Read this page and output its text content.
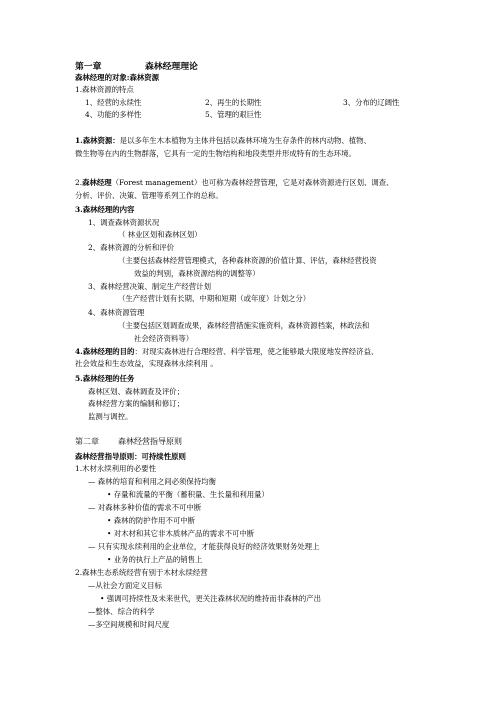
第一章	森林经理理论
森林经理的对象:森林资源
1.森林资源的特点
1、经营的永续性	2、再生的长期性	3、分布的辽阔性
4、功能的多样性	5、管理的艰巨性
1.森林资源：是以多年生木本植物为主体并包括以森林环境为生存条件的林内动物、植物、
微生物等在内的生物群落，它具有一定的生物结构和地段类型并形成特有的生态环境。
2.森林经理（Forest management）也可称为森林经营管理，它是对森林资源进行区划、调查、
分析、评价、决策、管理等系列工作的总称。
3.森林经理的内容
1、调查森林资源状况
（ 林业区划和森林区划）
2、森林资源的分析和评价
（主要包括森林经营管理模式，各种森林资源的价值计算、评估，森林经营投资
效益的判别，森林资源结构的调整等）
3、森林经营决策、制定生产经营计划
（生产经营计划有长期、中期和短期（或年度）计划之分）
4、森林资源管理
（主要包括区划调查成果，森林经营措施实施资料，森林资源档案，林政法和
社会经济资料等）
4.森林经理的目的：对现实森林进行合理经营、科学管理，使之能够最大限度地发挥经济益、
社会效益和生态效益，实现森林永续利用 。
5.森林经理的任务
森林区划、森林调查及评价；
森林经营方案的编制和修订；
监测与调控。
第二章 森林经营指导原则
森林经营指导原则：可持续性原则
1.木材永续利用的必要性
— 森林的培育和利用之间必须保持均衡
• 存量和流量的平衡（蓄积量、生长量和利用量）
— 对森林多种价值的需求不可中断
• 森林的防护作用不可中断
• 对木材和其它非木质林产品的需求不可中断
— 只有实现永续利用的企业单位，才能获得良好的经济效果财务处理上
• 业务的执行上产品的销售上
2.森林生态系统经营有别于木材永续经营
—从社会方面定义目标
• 强调可持续性及未来世代，更关注森林状况的维持而非森林的产出
—整体、综合的科学
—多空间规模和时间尺度
